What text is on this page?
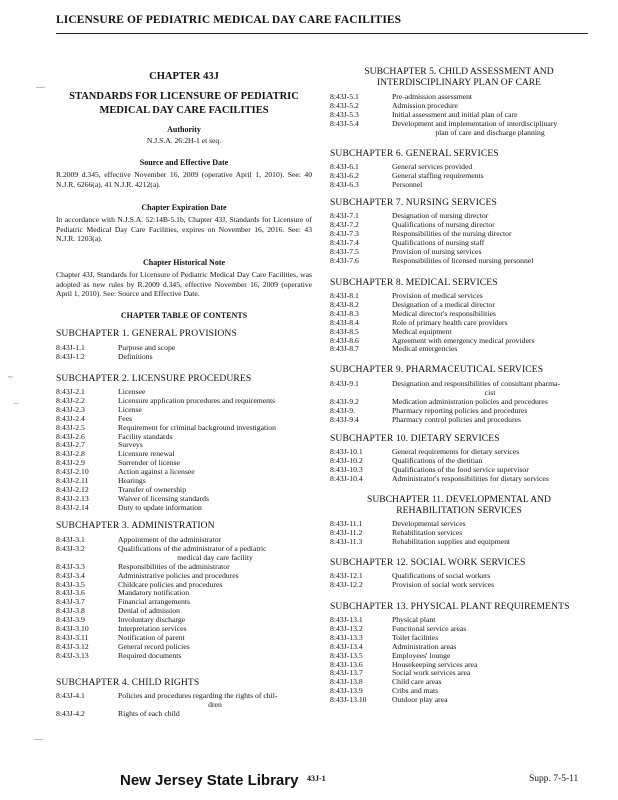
LICENSURE OF PEDIATRIC MEDICAL DAY CARE FACILITIES
CHAPTER 43J
STANDARDS FOR LICENSURE OF PEDIATRIC
MEDICAL DAY CARE FACILITIES
Authority
N.J.S.A. 26:2H-1 et seq.
Source and Effective Date
R.2009 d.345, effective November 16, 2009 (operative April 1, 2010). See: 40 N.J.R. 6266(a), 41 N.J.R. 4212(a).
Chapter Expiration Date
In accordance with N.J.S.A. 52:14B-5.1b, Chapter 43J, Standards for Licensure of Pediatric Medical Day Care Facilities, expires on November 16, 2016. See: 43 N.J.R. 1203(a).
Chapter Historical Note
Chapter 43J, Standards for Licensure of Pediatric Medical Day Care Facilities, was adopted as new rules by R.2009 d.345, effective November 16, 2009 (operative April 1, 2010). See: Source and Effective Date.
CHAPTER TABLE OF CONTENTS
SUBCHAPTER 1. GENERAL PROVISIONS
8:43J-1.1	Purpose and scope
8:43J-1.2	Definitions
SUBCHAPTER 2. LICENSURE PROCEDURES
8:43J-2.1	Licensee
8:43J-2.2	Licensure application procedures and requirements
8:43J-2.3	License
8:43J-2.4	Fees
8:43J-2.5	Requirement for criminal background investigation
8:43J-2.6	Facility standards
8:43J-2.7	Surveys
8:43J-2.8	Licensure renewal
8:43J-2.9	Surrender of license
8:43J-2.10	Action against a licensee
8:43J-2.11	Hearings
8:43J-2.12	Transfer of ownership
8:43J-2.13	Waiver of licensing standards
8:43J-2.14	Duty to update information
SUBCHAPTER 3. ADMINISTRATION
8:43J-3.1	Appointment of the administrator
8:43J-3.2	Qualifications of the administrator of a pediatric
medical day care facility
8:43J-3.3	Responsibilities of the administrator
8:43J-3.4	Administrative policies and procedures
8:43J-3.5	Childcare policies and procedures
8:43J-3.6	Mandatory notification
8:43J-3.7	Financial arrangements
8:43J-3.8	Denial of admission
8:43J-3.9	Involuntary discharge
8:43J-3.10	Interpretation services
8:43J-3.11	Notification of parent
8:43J-3.12	General record policies
8:43J-3.13	Required documents
SUBCHAPTER 4. CHILD RIGHTS
8:43J-4.1	Policies and procedures regarding the rights of chil-
dren
8:43J-4.2	Rights of each child
SUBCHAPTER 5. CHILD ASSESSMENT AND
INTERDISCIPLINARY PLAN OF CARE
8:43J-5.1	Pre-admission assessment
8:43J-5.2	Admission procedure
8:43J-5.3	Initial assessment and initial plan of care
8:43J-5.4	Development and implementation of interdisciplinary
plan of care and discharge planning
SUBCHAPTER 6. GENERAL SERVICES
8:43J-6.1	General services provided
8:43J-6.2	General staffing requirements
8:43J-6.3	Personnel
SUBCHAPTER 7. NURSING SERVICES
8:43J-7.1	Designation of nursing director
8:43J-7.2	Qualifications of nursing director
8:43J-7.3	Responsibilities of the nursing director
8:43J-7.4	Qualifications of nursing staff
8:43J-7.5	Provision of nursing services
8:43J-7.6	Responsibilities of licensed nursing personnel
SUBCHAPTER 8. MEDICAL SERVICES
8:43J-8.1	Provision of medical services
8:43J-8.2	Designation of a medical director
8:43J-8.3	Medical director's responsibilities
8:43J-8.4	Role of primary health care providers
8:43J-8.5	Medical equipment
8:43J-8.6	Agreement with emergency medical providers
8:43J-8.7	Medical emergencies
SUBCHAPTER 9. PHARMACEUTICAL SERVICES
8:43J-9.1	Designation and responsibilities of consultant pharma-
cist
8:43J-9.2	Medication administration policies and procedures
8:43J-9.	Pharmacy reporting policies and procedures
8:43J-9.4	Pharmacy control policies and procedures
SUBCHAPTER 10. DIETARY SERVICES
8:43J-10.1	General requirements for dietary services
8:43J-10.2	Qualifications of the dietitian
8:43J-10.3	Qualifications of the food service supervisor
8:43J-10.4	Administrator's responsibilities for dietary services
SUBCHAPTER 11. DEVELOPMENTAL AND
REHABILITATION SERVICES
8:43J-11.1	Developmental services
8:43J-11.2	Rehabilitation services
8:43J-11.3	Rehabilitation supplies and equipment
SUBCHAPTER 12. SOCIAL WORK SERVICES
8:43J-12.1	Qualifications of social workers
8:43J-12.2	Provision of social work services
SUBCHAPTER 13. PHYSICAL PLANT REQUIREMENTS
8:43J-13.1	Physical plant
8:43J-13.2	Functional service areas
8:43J-13.3	Toilet facilities
8:43J-13.4	Administration areas
8:43J-13.5	Employees' lounge
8:43J-13.6	Housekeeping services area
8:43J-13.7	Social work services area
8:43J-13.8	Child care areas
8:43J-13.9	Cribs and mats
8:43J-13.10	Outdoor play area
—
~
–
—
New Jersey State Library 43J-1	Supp. 7-5-11
